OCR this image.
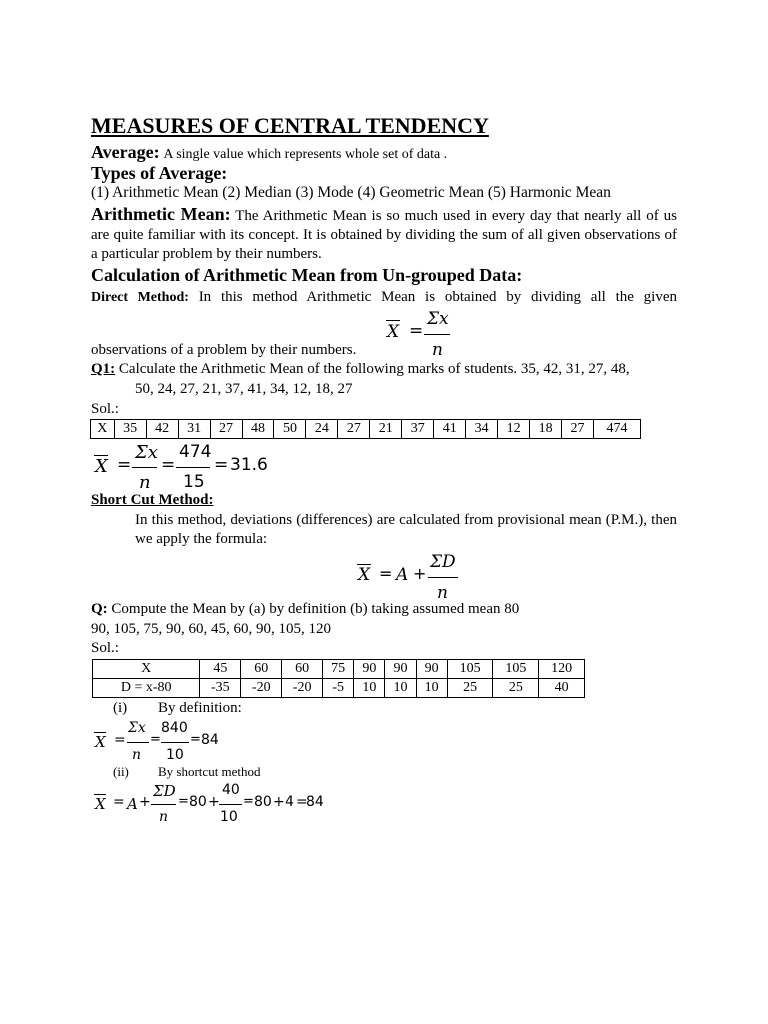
MEASURES OF CENTRAL TENDENCY
Average: A single value which represents whole set of data .
Types of Average:
(1) Arithmetic Mean (2) Median (3) Mode (4) Geometric Mean (5) Harmonic Mean
Arithmetic Mean: The Arithmetic Mean is so much used in every day that nearly all of us are quite familiar with its concept. It is obtained by dividing the sum of all given observations of a particular problem by their numbers.
Calculation of Arithmetic Mean from Un-grouped Data:
Direct Method: In this method Arithmetic Mean is obtained by dividing all the given
X =
Σx
n
observations of a problem by their numbers.
Q1: Calculate the Arithmetic Mean of the following marks of students. 35, 42, 31, 27, 48,
50, 24, 27, 21, 37, 41, 34, 12, 18, 27
Sol.:
X	35	42	31	27	48	50	24	27	21	37	41	34	12	18	27	474
X =
Σx
n
=
474
15
= 31.6
Short Cut Method:
In this method, deviations (differences) are calculated from provisional mean (P.M.), then we apply the formula:
X = A +
ΣD
n
Q: Compute the Mean by (a) by definition (b) taking assumed mean 80
90, 105, 75, 90, 60, 45, 60, 90, 105, 120
Sol.:
X	45	60	60	75	90	90	90	105	105	120
D = x-80	-35	-20	-20	-5	10	10	10	25	25	40
(i) By definition:
X =
Σx
n
=
840
10
= 84
(ii) By shortcut method
X = A +
ΣD
n
= 80 +
40
10
= 80 + 4 =
84
